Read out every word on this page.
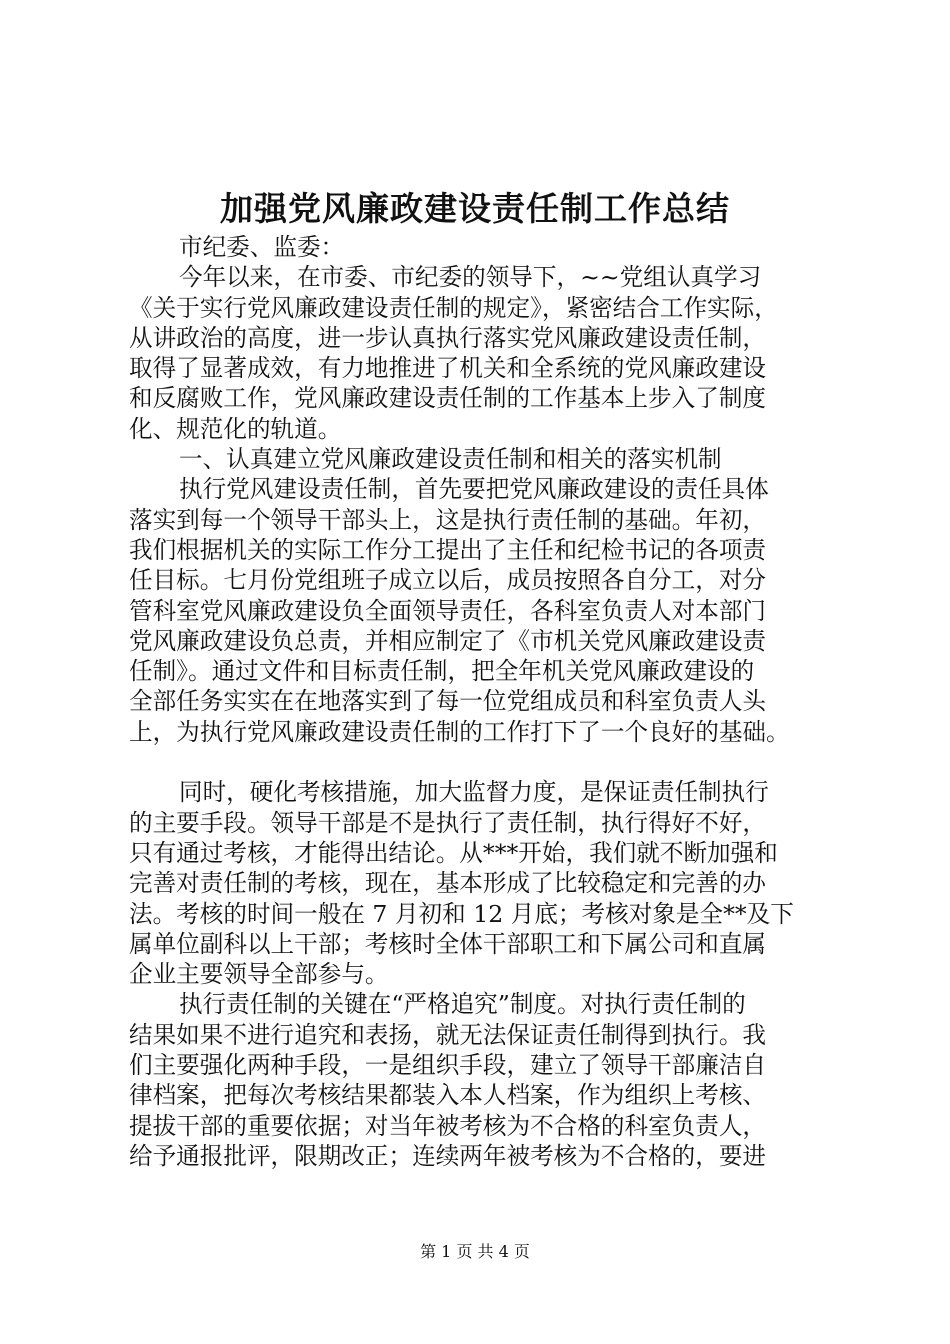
加强党风廉政建设责任制工作总结
市纪委、监委：
今年以来，在市委、市纪委的领导下，~~党组认真学习
《关于实行党风廉政建设责任制的规定》，紧密结合工作实际，
从讲政治的高度，进一步认真执行落实党风廉政建设责任制，
取得了显著成效，有力地推进了机关和全系统的党风廉政建设
和反腐败工作，党风廉政建设责任制的工作基本上步入了制度
化、规范化的轨道。
一、认真建立党风廉政建设责任制和相关的落实机制
执行党风建设责任制，首先要把党风廉政建设的责任具体
落实到每一个领导干部头上，这是执行责任制的基础。年初，
我们根据机关的实际工作分工提出了主任和纪检书记的各项责
任目标。七月份党组班子成立以后，成员按照各自分工，对分
管科室党风廉政建设负全面领导责任，各科室负责人对本部门
党风廉政建设负总责，并相应制定了《市机关党风廉政建设责
任制》。通过文件和目标责任制，把全年机关党风廉政建设的
全部任务实实在在地落实到了每一位党组成员和科室负责人头
上，为执行党风廉政建设责任制的工作打下了一个良好的基础。
同时，硬化考核措施，加大监督力度，是保证责任制执行
的主要手段。领导干部是不是执行了责任制，执行得好不好，
只有通过考核，才能得出结论。从***开始，我们就不断加强和
完善对责任制的考核，现在，基本形成了比较稳定和完善的办
法。考核的时间一般在 7 月初和 12 月底；考核对象是全**及下
属单位副科以上干部；考核时全体干部职工和下属公司和直属
企业主要领导全部参与。
执行责任制的关键在“严格追究”制度。对执行责任制的
结果如果不进行追究和表扬，就无法保证责任制得到执行。我
们主要强化两种手段，一是组织手段，建立了领导干部廉洁自
律档案，把每次考核结果都装入本人档案，作为组织上考核、
提拔干部的重要依据；对当年被考核为不合格的科室负责人，
给予通报批评，限期改正；连续两年被考核为不合格的，要进
第 1 页 共 4 页
